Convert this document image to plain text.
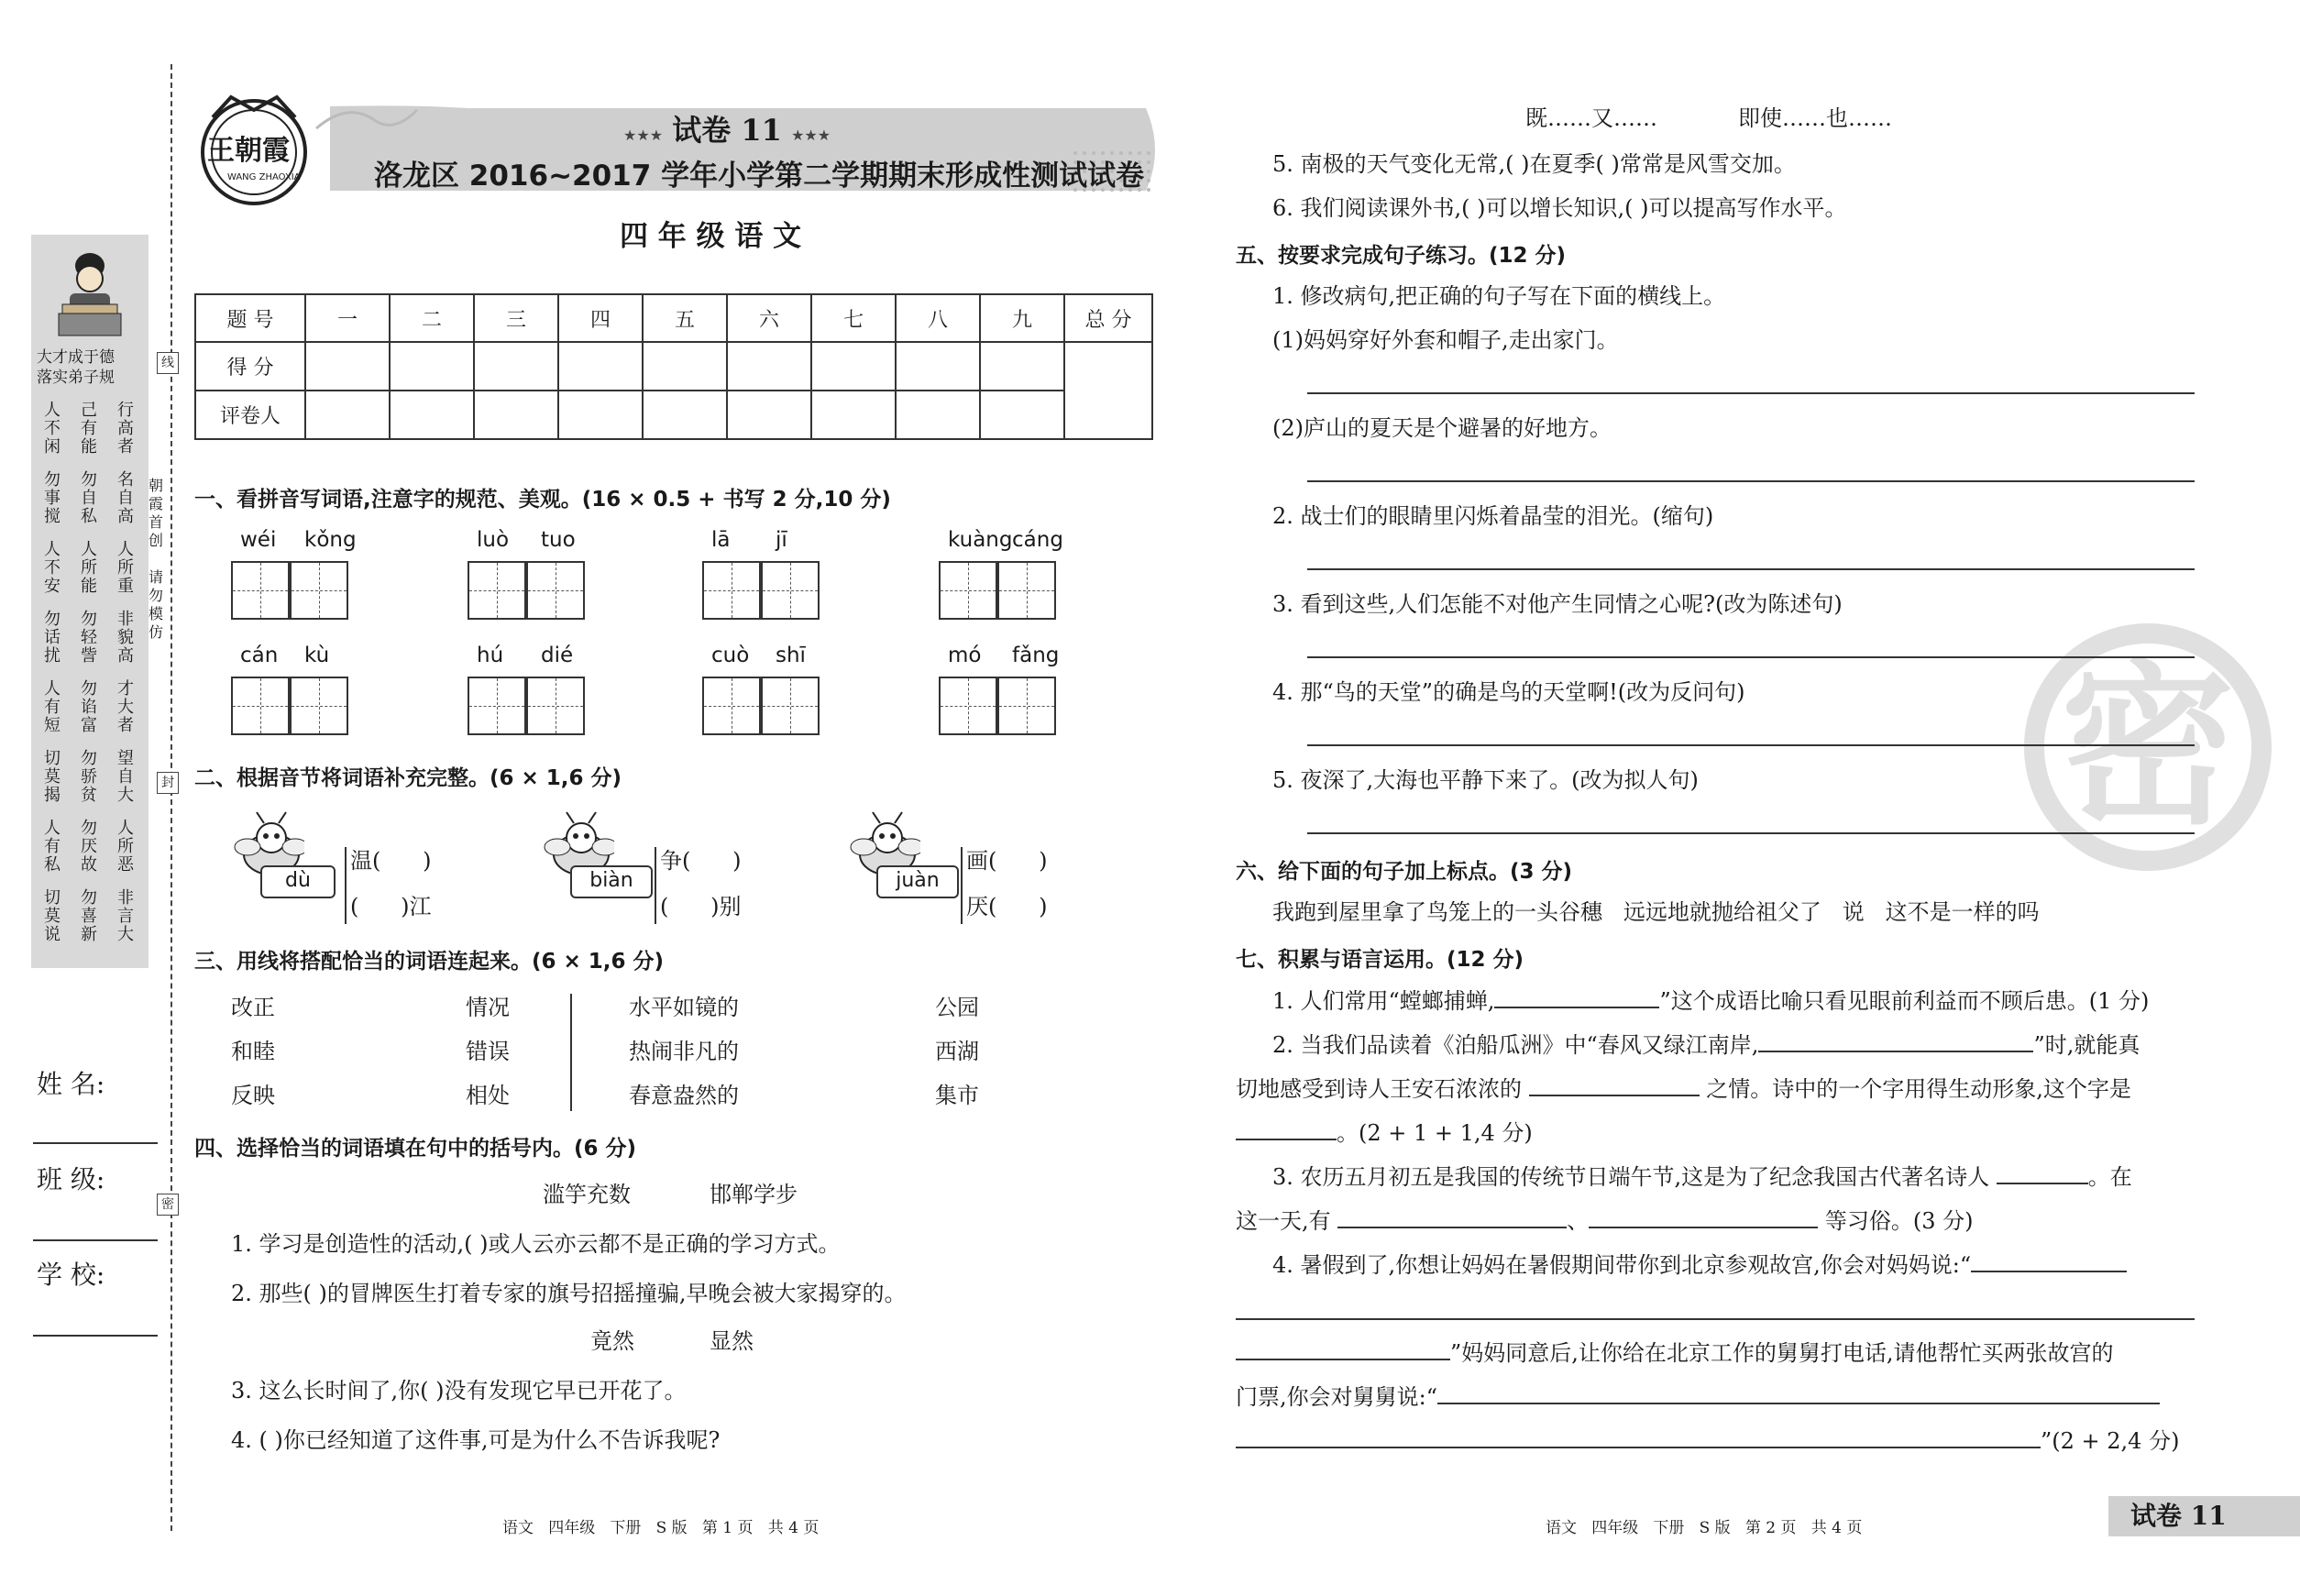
大才成于德
落实弟子规
人不闲
己有能
行高者
勿事搅
勿自私
名自高
人不安
人所能
人所重
勿话扰
勿轻訾
非貌高
人有短
勿谄富
才大者
切莫揭
勿骄贫
望自大
人有私
勿厌故
人所恶
切莫说
勿喜新
非言大
朝霞首创
请勿模仿
线
封
密
姓 名:
班 级:
学 校:
王朝霞
WANG ZHAOXIA
★★★ 试卷 11 ★★★
洛龙区 2016~2017 学年小学第二学期期末形成性测试试卷
四 年 级 语 文
题 号	一	二	三	四	五	六	七	八	九	总 分
得 分										
评卷人										
一、看拼音写词语,注意字的规范、美观。(16 × 0.5 + 书写 2 分,10 分)
wéi kǒng	luò tuo	lā jī	kuàng cáng
cán kù	hú dié	cuò shī	mó fǎng
二、根据音节将词语补充完整。(6 × 1,6 分)
dù
温(      )
(      )江
biàn
争(      )
(      )别
juàn
画(      )
厌(      )
三、用线将搭配恰当的词语连起来。(6 × 1,6 分)
改正
和睦
反映
情况
错误
相处
水平如镜的
热闹非凡的
春意盎然的
公园
西湖
集市
四、选择恰当的词语填在句中的括号内。(6 分)
滥竽充数	邯郸学步
1. 学习是创造性的活动,( )或人云亦云都不是正确的学习方式。
2. 那些( )的冒牌医生打着专家的旗号招摇撞骗,早晚会被大家揭穿的。
竟然	显然
3. 这么长时间了,你( )没有发现它早已开花了。
4. ( )你已经知道了这件事,可是为什么不告诉我呢?
语文   四年级   下册   S 版   第 1 页   共 4 页
既……又……	即使……也……
5. 南极的天气变化无常,( )在夏季( )常常是风雪交加。
6. 我们阅读课外书,( )可以增长知识,( )可以提高写作水平。
五、按要求完成句子练习。(12 分)
1. 修改病句,把正确的句子写在下面的横线上。
(1)妈妈穿好外套和帽子,走出家门。
(2)庐山的夏天是个避暑的好地方。
2. 战士们的眼睛里闪烁着晶莹的泪光。(缩句)
3. 看到这些,人们怎能不对他产生同情之心呢?(改为陈述句)
4. 那“鸟的天堂”的确是鸟的天堂啊!(改为反问句)
5. 夜深了,大海也平静下来了。(改为拟人句)
六、给下面的句子加上标点。(3 分)
我跑到屋里拿了鸟笼上的一头谷穗   远远地就抛给祖父了   说   这不是一样的吗
七、积累与语言运用。(12 分)
1. 人们常用“螳螂捕蝉,	”这个成语比喻只看见眼前利益而不顾后患。(1 分)
2. 当我们品读着《泊船瓜洲》中“春风又绿江南岸,	”时,就能真
切地感受到诗人王安石浓浓的	之情。诗中的一个字用得生动形象,这个字是
。(2 + 1 + 1,4 分)
3. 农历五月初五是我国的传统节日端午节,这是为了纪念我国古代著名诗人	。在
这一天,有	、	等习俗。(3 分)
4. 暑假到了,你想让妈妈在暑假期间带你到北京参观故宫,你会对妈妈说:“
”妈妈同意后,让你给在北京工作的舅舅打电话,请他帮忙买两张故宫的
门票,你会对舅舅说:“
”(2 + 2,4 分)
密
语文   四年级   下册   S 版   第 2 页   共 4 页	试卷 11
